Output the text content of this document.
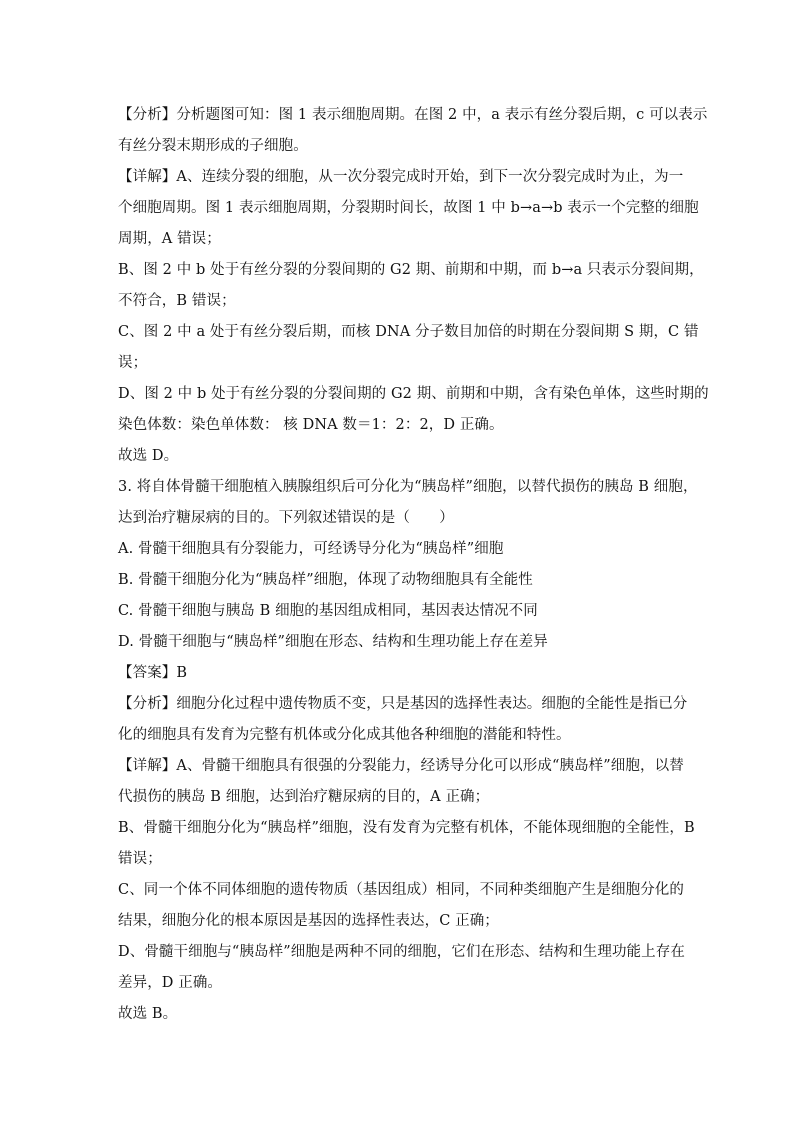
【分析】分析题图可知：图 1 表示细胞周期。在图 2 中，a 表示有丝分裂后期，c 可以表示
有丝分裂末期形成的子细胞。
【详解】A、连续分裂的细胞，从一次分裂完成时开始，到下一次分裂完成时为止，为一
个细胞周期。图 1 表示细胞周期，分裂期时间长，故图 1 中 b→a→b 表示一个完整的细胞
周期，A 错误；
B、图 2 中 b 处于有丝分裂的分裂间期的 G2 期、前期和中期，而 b→a 只表示分裂间期，
不符合，B 错误；
C、图 2 中 a 处于有丝分裂后期，而核 DNA 分子数目加倍的时期在分裂间期 S 期，C 错
误；
D、图 2 中 b 处于有丝分裂的分裂间期的 G2 期、前期和中期，含有染色单体，这些时期的
染色体数：染色单体数： 核 DNA 数＝1：2：2，D 正确。
故选 D。
3. 将自体骨髓干细胞植入胰腺组织后可分化为“胰岛样”细胞，以替代损伤的胰岛 B 细胞，
达到治疗糖尿病的目的。下列叙述错误的是（　　）
A. 骨髓干细胞具有分裂能力，可经诱导分化为“胰岛样”细胞
B. 骨髓干细胞分化为“胰岛样”细胞，体现了动物细胞具有全能性
C. 骨髓干细胞与胰岛 B 细胞的基因组成相同，基因表达情况不同
D. 骨髓干细胞与“胰岛样”细胞在形态、结构和生理功能上存在差异
【答案】B
【分析】细胞分化过程中遗传物质不变，只是基因的选择性表达。细胞的全能性是指已分
化的细胞具有发育为完整有机体或分化成其他各种细胞的潜能和特性。
【详解】A、骨髓干细胞具有很强的分裂能力，经诱导分化可以形成“胰岛样”细胞，以替
代损伤的胰岛 B 细胞，达到治疗糖尿病的目的，A 正确；
B、骨髓干细胞分化为“胰岛样”细胞，没有发育为完整有机体，不能体现细胞的全能性，B
错误；
C、同一个体不同体细胞的遗传物质（基因组成）相同，不同种类细胞产生是细胞分化的
结果，细胞分化的根本原因是基因的选择性表达，C 正确；
D、骨髓干细胞与“胰岛样”细胞是两种不同的细胞，它们在形态、结构和生理功能上存在
差异，D 正确。
故选 B。
